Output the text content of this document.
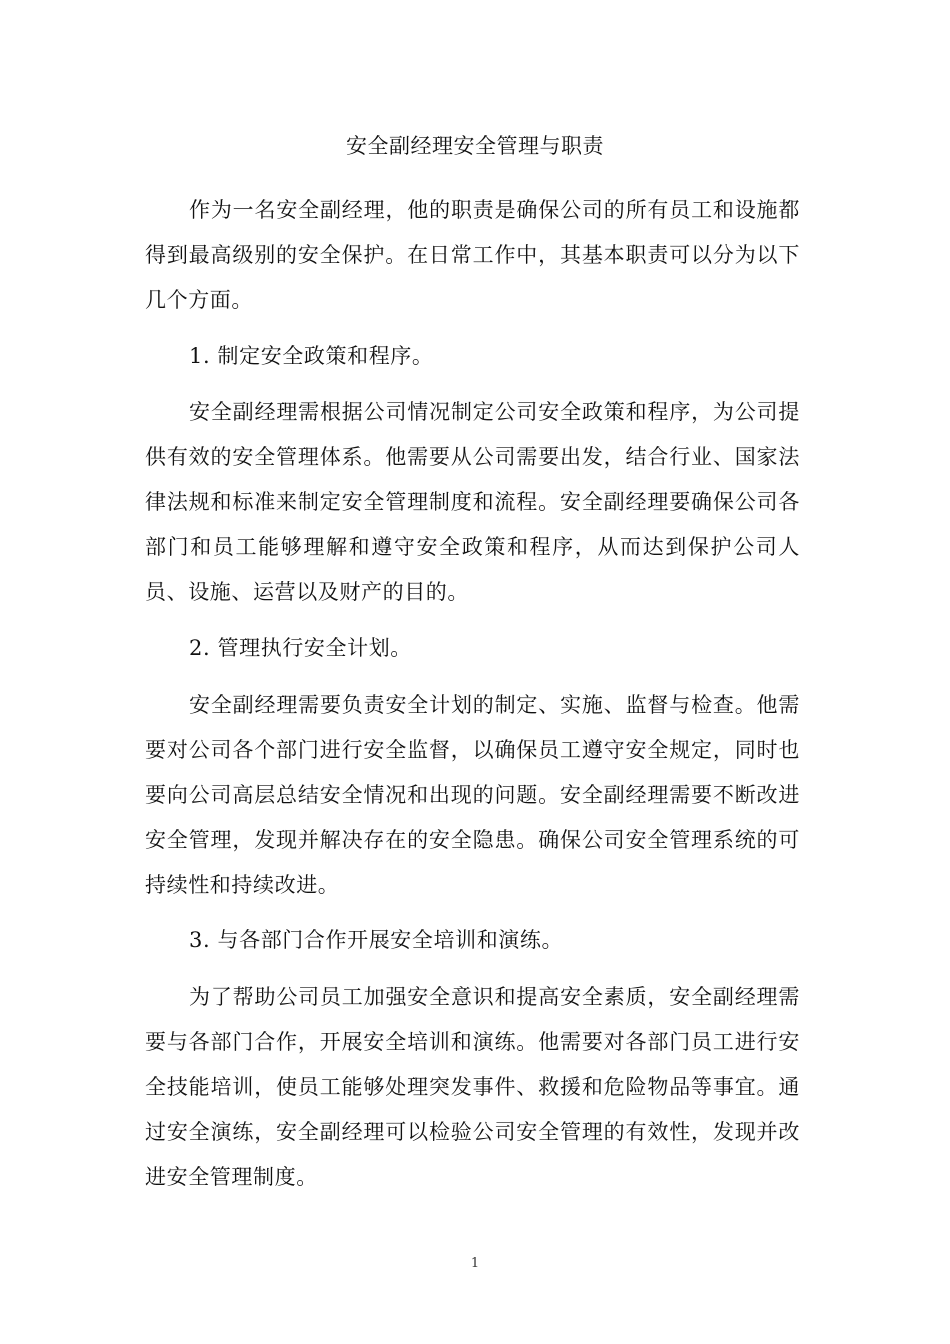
安全副经理安全管理与职责

作为一名安全副经理，他的职责是确保公司的所有员工和设施都得到最高级别的安全保护。在日常工作中，其基本职责可以分为以下几个方面。

1. 制定安全政策和程序。

安全副经理需根据公司情况制定公司安全政策和程序，为公司提供有效的安全管理体系。他需要从公司需要出发，结合行业、国家法律法规和标准来制定安全管理制度和流程。安全副经理要确保公司各部门和员工能够理解和遵守安全政策和程序，从而达到保护公司人员、设施、运营以及财产的目的。

2. 管理执行安全计划。

安全副经理需要负责安全计划的制定、实施、监督与检查。他需要对公司各个部门进行安全监督，以确保员工遵守安全规定，同时也要向公司高层总结安全情况和出现的问题。安全副经理需要不断改进安全管理，发现并解决存在的安全隐患。确保公司安全管理系统的可持续性和持续改进。

3. 与各部门合作开展安全培训和演练。

为了帮助公司员工加强安全意识和提高安全素质，安全副经理需要与各部门合作，开展安全培训和演练。他需要对各部门员工进行安全技能培训，使员工能够处理突发事件、救援和危险物品等事宜。通过安全演练，安全副经理可以检验公司安全管理的有效性，发现并改进安全管理制度。

1
